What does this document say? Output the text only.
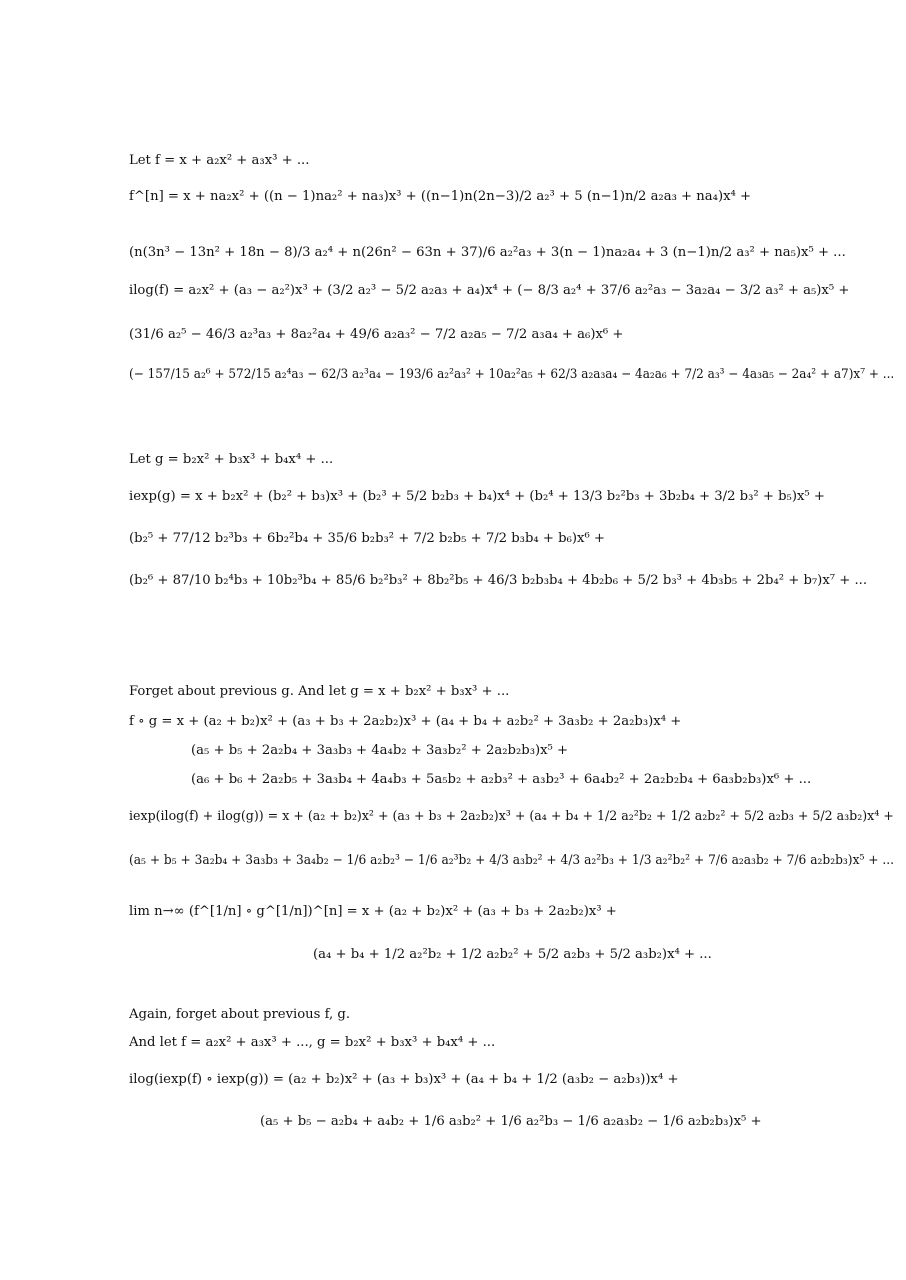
Let f = x + a₂x² + a₃x³ + ...
f^[n] = x + na₂x² + ((n − 1)na₂² + na₃)x³ + ((n−1)n(2n−3)/2 a₂³ + 5 (n−1)n/2 a₂a₃ + na₄)x⁴ +
(n(3n³ − 13n² + 18n − 8)/3 a₂⁴ + n(26n² − 63n + 37)/6 a₂²a₃ + 3(n − 1)na₂a₄ + 3 (n−1)n/2 a₃² + na₅)x⁵ + ...
ilog(f) = a₂x² + (a₃ − a₂²)x³ + (3/2 a₂³ − 5/2 a₂a₃ + a₄)x⁴ + (− 8/3 a₂⁴ + 37/6 a₂²a₃ − 3a₂a₄ − 3/2 a₃² + a₅)x⁵ +
(31/6 a₂⁵ − 46/3 a₂³a₃ + 8a₂²a₄ + 49/6 a₂a₃² − 7/2 a₂a₅ − 7/2 a₃a₄ + a₆)x⁶ +
(− 157/15 a₂⁶ + 572/15 a₂⁴a₃ − 62/3 a₂³a₄ − 193/6 a₂²a₃² + 10a₂²a₅ + 62/3 a₂a₃a₄ − 4a₂a₆ + 7/2 a₃³ − 4a₃a₅ − 2a₄² + a7)x⁷ + ...
Let g = b₂x² + b₃x³ + b₄x⁴ + ...
iexp(g) = x + b₂x² + (b₂² + b₃)x³ + (b₂³ + 5/2 b₂b₃ + b₄)x⁴ + (b₂⁴ + 13/3 b₂²b₃ + 3b₂b₄ + 3/2 b₃² + b₅)x⁵ +
(b₂⁵ + 77/12 b₂³b₃ + 6b₂²b₄ + 35/6 b₂b₃² + 7/2 b₂b₅ + 7/2 b₃b₄ + b₆)x⁶ +
(b₂⁶ + 87/10 b₂⁴b₃ + 10b₂³b₄ + 85/6 b₂²b₃² + 8b₂²b₅ + 46/3 b₂b₃b₄ + 4b₂b₆ + 5/2 b₃³ + 4b₃b₅ + 2b₄² + b₇)x⁷ + ...
Forget about previous g. And let g = x + b₂x² + b₃x³ + ...
f ∘ g = x + (a₂ + b₂)x² + (a₃ + b₃ + 2a₂b₂)x³ + (a₄ + b₄ + a₂b₂² + 3a₃b₂ + 2a₂b₃)x⁴ +
(a₅ + b₅ + 2a₂b₄ + 3a₃b₃ + 4a₄b₂ + 3a₃b₂² + 2a₂b₂b₃)x⁵ +
(a₆ + b₆ + 2a₂b₅ + 3a₃b₄ + 4a₄b₃ + 5a₅b₂ + a₂b₃² + a₃b₂³ + 6a₄b₂² + 2a₂b₂b₄ + 6a₃b₂b₃)x⁶ + ...
iexp(ilog(f) + ilog(g)) = x + (a₂ + b₂)x² + (a₃ + b₃ + 2a₂b₂)x³ + (a₄ + b₄ + 1/2 a₂²b₂ + 1/2 a₂b₂² + 5/2 a₂b₃ + 5/2 a₃b₂)x⁴ +
(a₅ + b₅ + 3a₂b₄ + 3a₃b₃ + 3a₄b₂ − 1/6 a₂b₂³ − 1/6 a₂³b₂ + 4/3 a₃b₂² + 4/3 a₂²b₃ + 1/3 a₂²b₂² + 7/6 a₂a₃b₂ + 7/6 a₂b₂b₃)x⁵ + ...
lim n→∞ (f^[1/n] ∘ g^[1/n])^[n] = x + (a₂ + b₂)x² + (a₃ + b₃ + 2a₂b₂)x³ +
(a₄ + b₄ + 1/2 a₂²b₂ + 1/2 a₂b₂² + 5/2 a₂b₃ + 5/2 a₃b₂)x⁴ + ...
Again, forget about previous f, g.
And let f = a₂x² + a₃x³ + ..., g = b₂x² + b₃x³ + b₄x⁴ + ...
ilog(iexp(f) ∘ iexp(g)) = (a₂ + b₂)x² + (a₃ + b₃)x³ + (a₄ + b₄ + 1/2 (a₃b₂ − a₂b₃))x⁴ +
(a₅ + b₅ − a₂b₄ + a₄b₂ + 1/6 a₃b₂² + 1/6 a₂²b₃ − 1/6 a₂a₃b₂ − 1/6 a₂b₂b₃)x⁵ +
